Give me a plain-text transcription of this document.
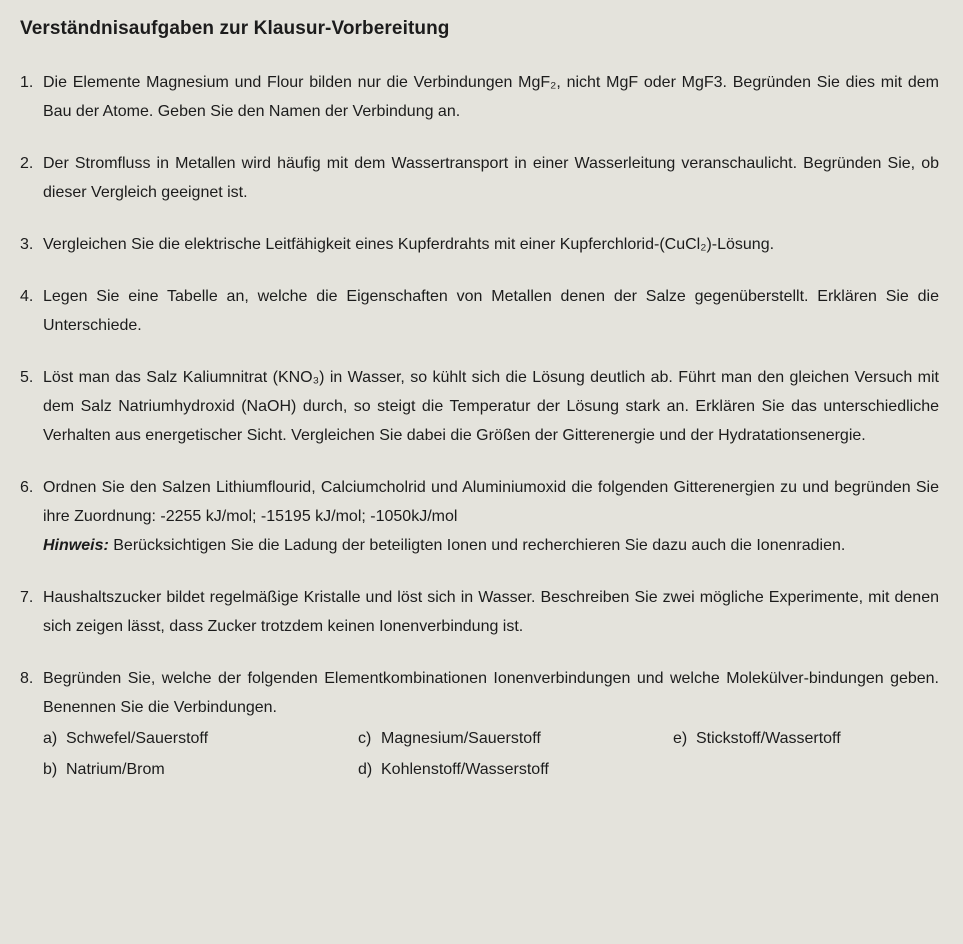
Verständnisaufgaben zur Klausur-Vorbereitung
1. Die Elemente Magnesium und Flour bilden nur die Verbindungen MgF₂, nicht MgF oder MgF3. Begründen Sie dies mit dem Bau der Atome. Geben Sie den Namen der Verbindung an.
2. Der Stromfluss in Metallen wird häufig mit dem Wassertransport in einer Wasserleitung veranschaulicht. Begründen Sie, ob dieser Vergleich geeignet ist.
3. Vergleichen Sie die elektrische Leitfähigkeit eines Kupferdrahts mit einer Kupferchlorid-(CuCl₂)-Lösung.
4. Legen Sie eine Tabelle an, welche die Eigenschaften von Metallen denen der Salze gegenüberstellt. Erklären Sie die Unterschiede.
5. Löst man das Salz Kaliumnitrat (KNO₃) in Wasser, so kühlt sich die Lösung deutlich ab. Führt man den gleichen Versuch mit dem Salz Natriumhydroxid (NaOH) durch, so steigt die Temperatur der Lösung stark an. Erklären Sie das unterschiedliche Verhalten aus energetischer Sicht. Vergleichen Sie dabei die Größen der Gitterenergie und der Hydratationsenergie.
6. Ordnen Sie den Salzen Lithiumflourid, Calciumcholrid und Aluminiumoxid die folgenden Gitterenergien zu und begründen Sie ihre Zuordnung: -2255 kJ/mol; -15195 kJ/mol; -1050kJ/mol
Hinweis: Berücksichtigen Sie die Ladung der beteiligten Ionen und recherchieren Sie dazu auch die Ionenradien.
7. Haushaltszucker bildet regelmäßige Kristalle und löst sich in Wasser. Beschreiben Sie zwei mögliche Experimente, mit denen sich zeigen lässt, dass Zucker trotzdem keinen Ionenverbindung ist.
8. Begründen Sie, welche der folgenden Elementkombinationen Ionenverbindungen und welche Molekülver-bindungen geben. Benennen Sie die Verbindungen.
a) Schwefel/Sauerstoff	c) Magnesium/Sauerstoff	e) Stickstoff/Wassertoff
b) Natrium/Brom	d) Kohlenstoff/Wasserstoff
